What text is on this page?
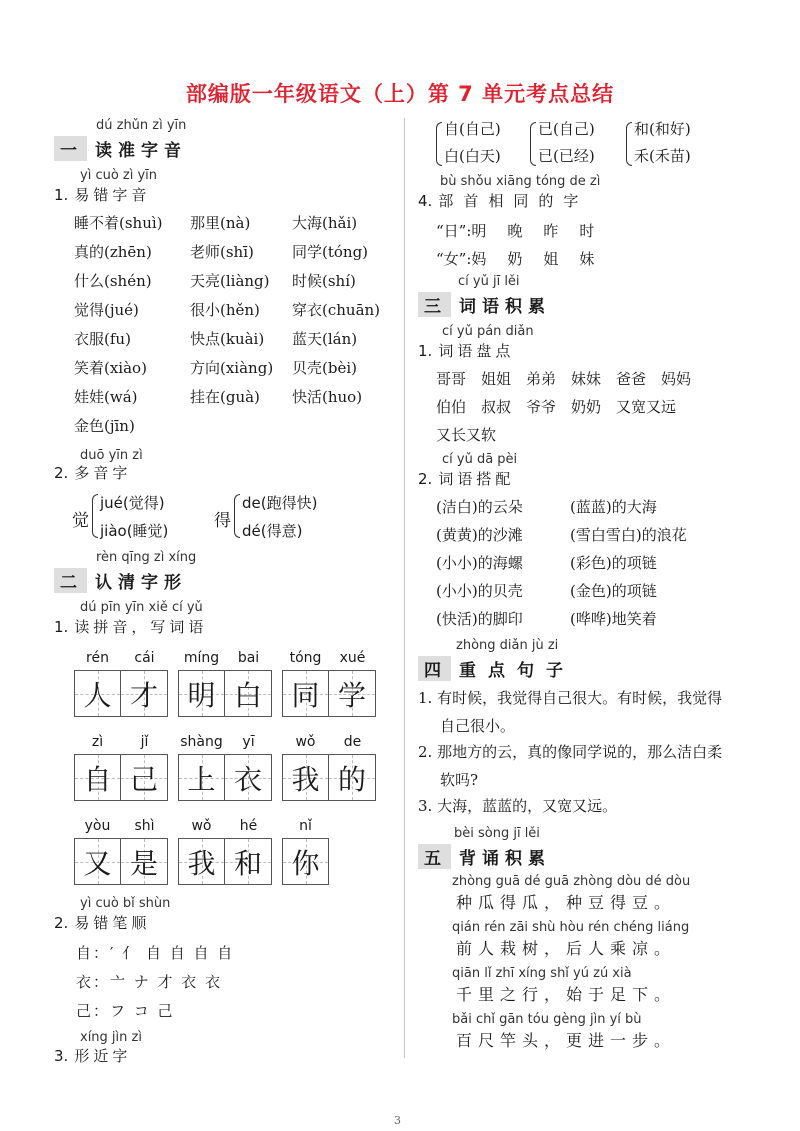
部编版一年级语文（上）第 7 单元考点总结
dú zhǔn zì yīn
一	读准字音
yì cuò zì yīn
1. 易错字音
睡不着(shuì) 那里(nà)	大海(hǎi)
真的(zhēn)	老师(shī)	同学(tóng)
什么(shén)	天亮(liàng) 时候(shí)
觉得(jué)	很小(hěn) 穿衣(chuān)
衣服(fu)	快点(kuài) 蓝天(lán)
笑着(xiào)	方向(xiàng) 贝壳(bèi)
娃娃(wá)	挂在(guà) 快活(huo)
金色(jīn)
duō yīn zì
2. 多音字
觉
jué(觉得)
jiào(睡觉)	得
de(跑得快)
dé(得意)
rèn qīng zì xíng
二	认清字形
dú pīn yīn xiě cí yǔ
1. 读拼音，写词语
rén	cái
人 才
míng	bai
明 白
tóng	xué
同 学
zì	jǐ
自 己
shàng	yī
上 衣
wǒ	de
我 的
yòu	shì
又 是
wǒ	hé
我 和
nǐ
你
yì cuò bǐ shùn
2. 易错笔顺
自：′ 亻 自 自 自 自
衣：亠 ナ 才 衣 衣
己：フ コ 己
xíng jìn zì
3. 形近字
自(自己)
白(白天)
已(自己)
已(已经)
和(和好)
禾(禾苗)
bù shǒu xiāng tóng de zì
4. 部首相同的字
“日”:明　晚　昨　时
“女”:妈　奶　姐　妹
cí yǔ jī lěi
三	词语积累
cí yǔ pán diǎn
1. 词语盘点
哥哥　姐姐　弟弟　妹妹　爸爸　妈妈
伯伯　叔叔　爷爷　奶奶　又宽又远
又长又软
cí yǔ dā pèi
2. 词语搭配
(洁白)的云朵	(蓝蓝)的大海
(黄黄)的沙滩	(雪白雪白)的浪花
(小小)的海螺	(彩色)的项链
(小小)的贝壳	(金色)的项链
(快活)的脚印	(哗哗)地笑着
zhòng diǎn jù zi
四	重点句子
1. 有时候，我觉得自己很大。有时候，我觉得
自己很小。
2. 那地方的云，真的像同学说的，那么洁白柔
软吗?
3. 大海，蓝蓝的，又宽又远。
bèi sòng jī lěi
五	背诵积累
zhòng guā dé guā zhòng dòu dé dòu
种瓜得瓜，种豆得豆。
qián rén zāi shù hòu rén chéng liáng
前人栽树，后人乘凉。
qiān lǐ zhī xíng shǐ yú zú xià
千里之行，始于足下。
bǎi chǐ gān tóu gèng jìn yí bù
百尺竿头，更进一步。
3
